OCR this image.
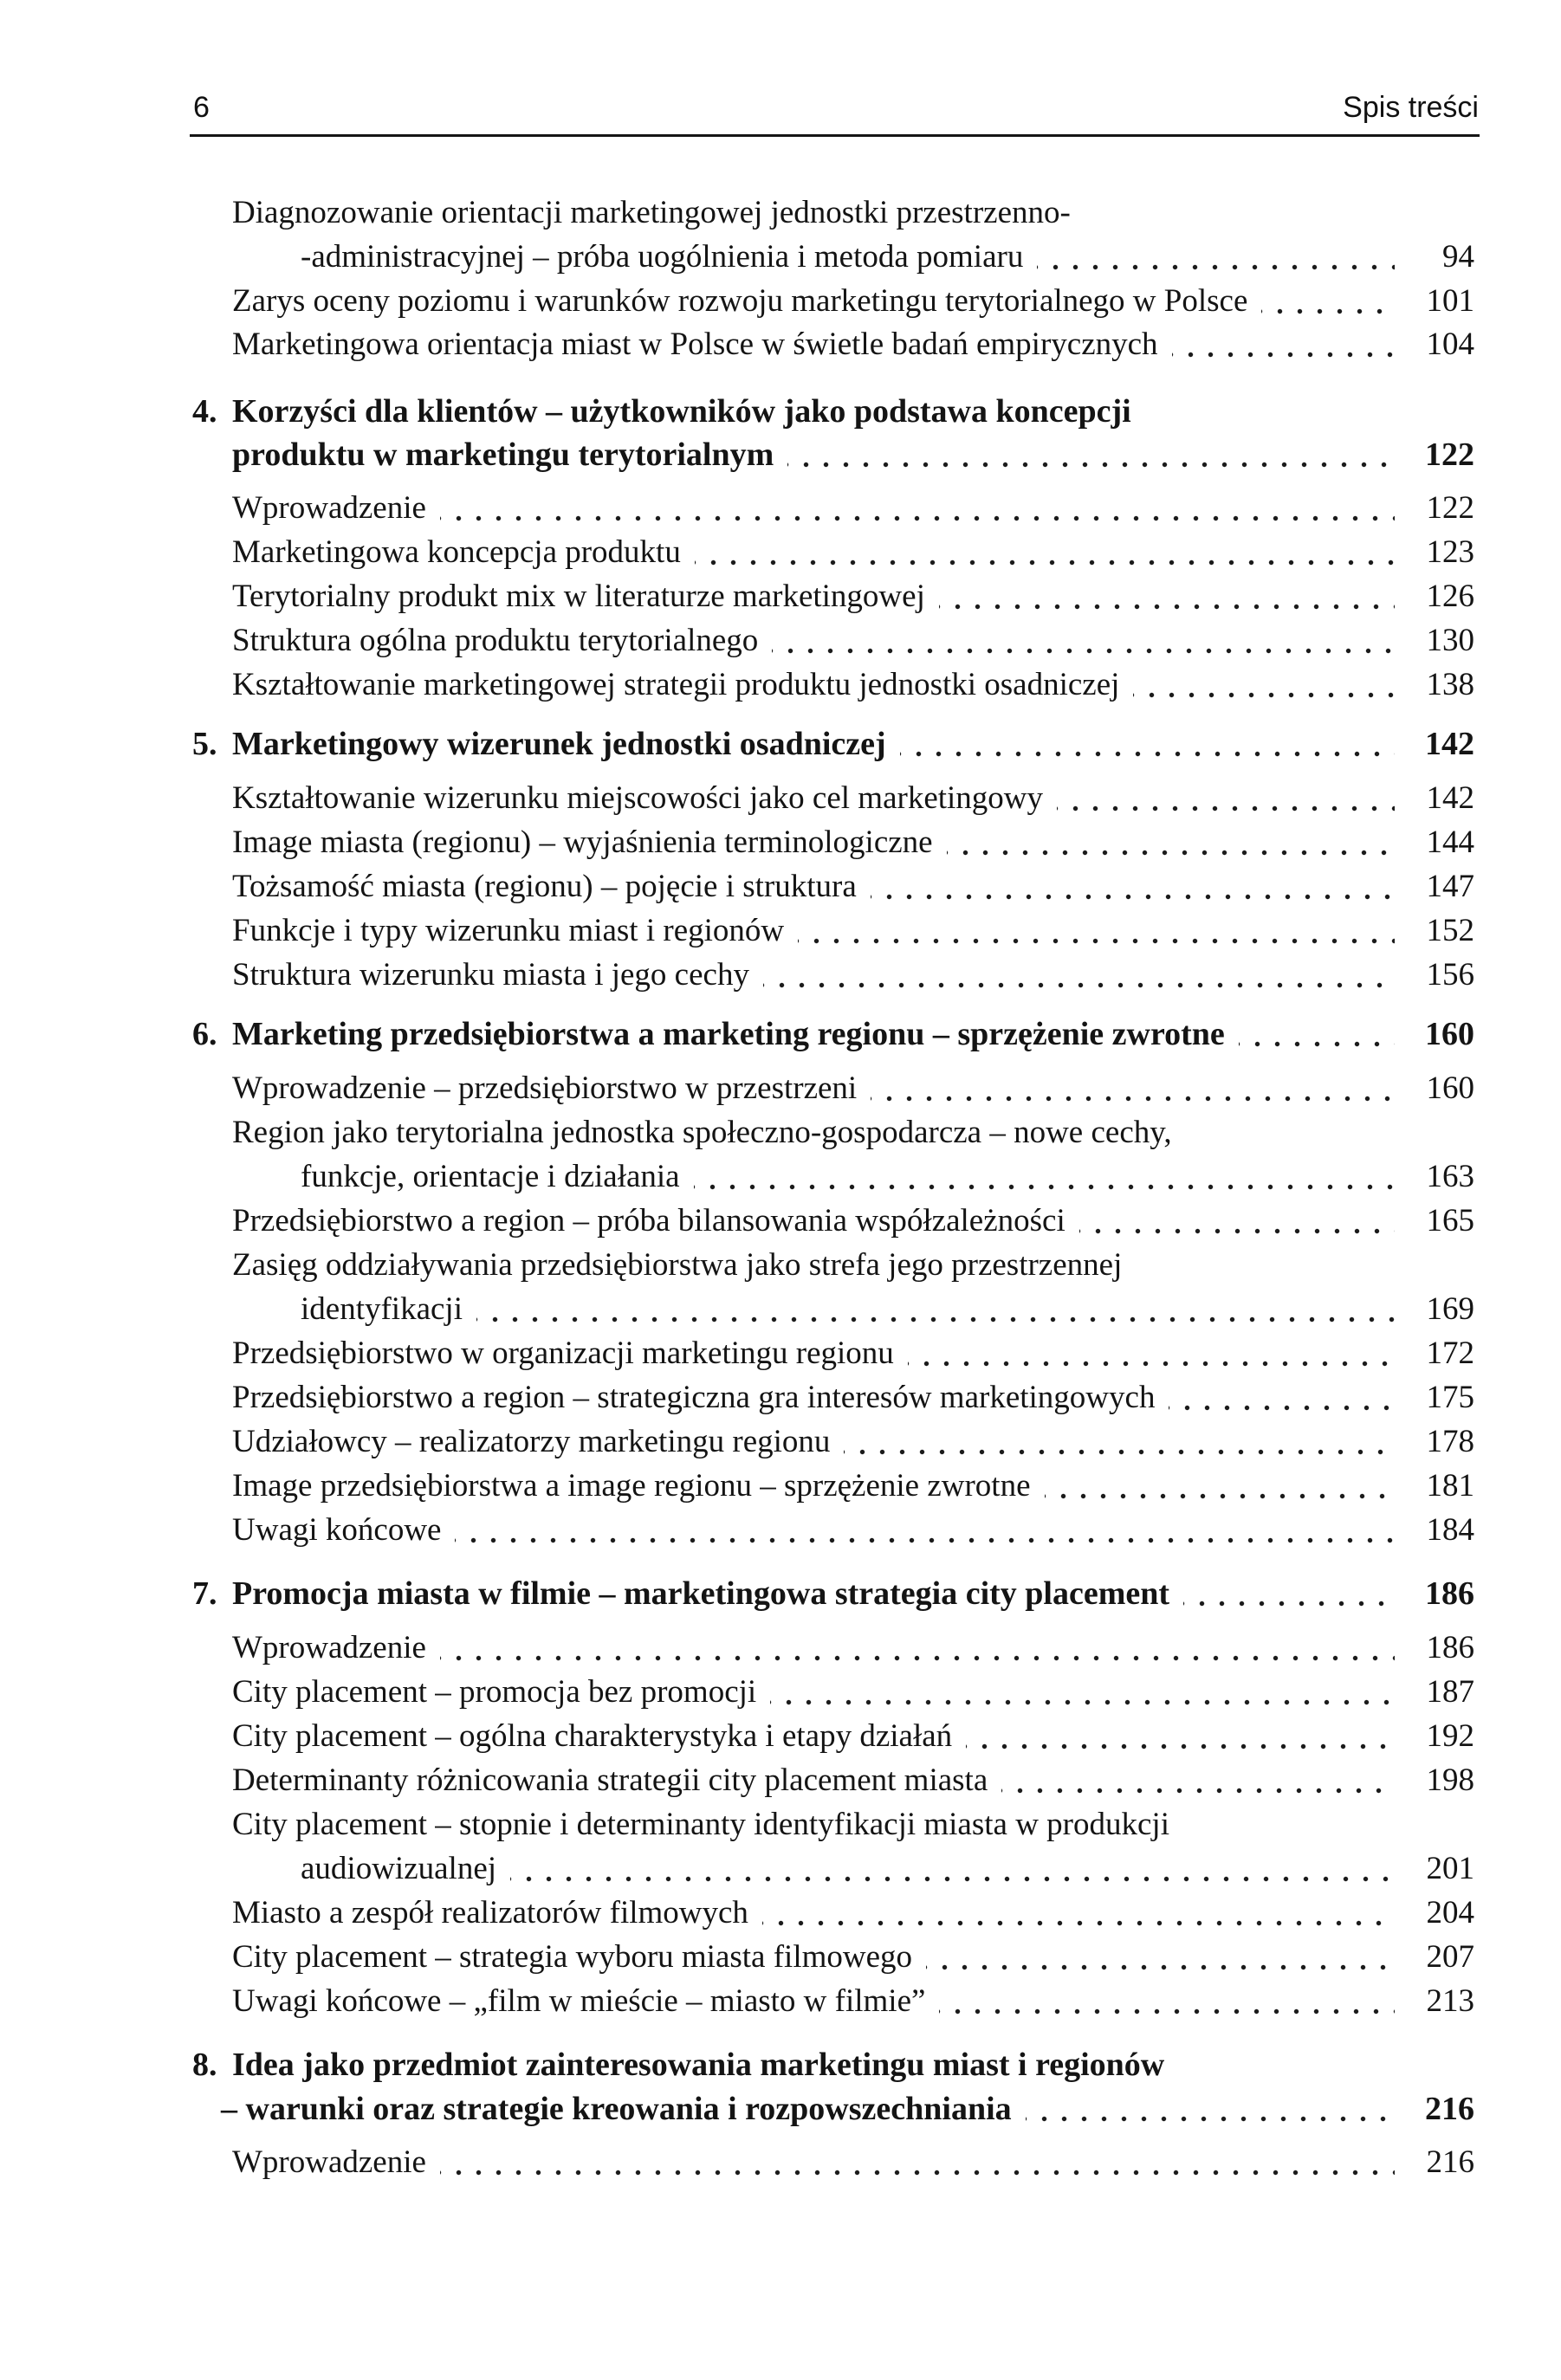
6	Spis treści
Diagnozowanie orientacji marketingowej jednostki przestrzenno-
-administracyjnej – próba uogólnienia i metoda pomiaru	94
Zarys oceny poziomu i warunków rozwoju marketingu terytorialnego w Polsce	101
Marketingowa orientacja miast w Polsce w świetle badań empirycznych	104
4. Korzyści dla klientów – użytkowników jako podstawa koncepcji
produktu w marketingu terytorialnym	122
Wprowadzenie	122
Marketingowa koncepcja produktu	123
Terytorialny produkt mix w literaturze marketingowej	126
Struktura ogólna produktu terytorialnego	130
Kształtowanie marketingowej strategii produktu jednostki osadniczej	138
5. Marketingowy wizerunek jednostki osadniczej	142
Kształtowanie wizerunku miejscowości jako cel marketingowy	142
Image miasta (regionu) – wyjaśnienia terminologiczne	144
Tożsamość miasta (regionu) – pojęcie i struktura	147
Funkcje i typy wizerunku miast i regionów	152
Struktura wizerunku miasta i jego cechy	156
6. Marketing przedsiębiorstwa a marketing regionu – sprzężenie zwrotne	160
Wprowadzenie – przedsiębiorstwo w przestrzeni	160
Region jako terytorialna jednostka społeczno-gospodarcza – nowe cechy,
funkcje, orientacje i działania	163
Przedsiębiorstwo a region – próba bilansowania współzależności	165
Zasięg oddziaływania przedsiębiorstwa jako strefa jego przestrzennej
identyfikacji	169
Przedsiębiorstwo w organizacji marketingu regionu	172
Przedsiębiorstwo a region – strategiczna gra interesów marketingowych	175
Udziałowcy – realizatorzy marketingu regionu	178
Image przedsiębiorstwa a image regionu – sprzężenie zwrotne	181
Uwagi końcowe	184
7. Promocja miasta w filmie – marketingowa strategia city placement	186
Wprowadzenie	186
City placement – promocja bez promocji	187
City placement – ogólna charakterystyka i etapy działań	192
Determinanty różnicowania strategii city placement miasta	198
City placement – stopnie i determinanty identyfikacji miasta w produkcji
audiowizualnej	201
Miasto a zespół realizatorów filmowych	204
City placement – strategia wyboru miasta filmowego	207
Uwagi końcowe – „film w mieście – miasto w filmie”	213
8. Idea jako przedmiot zainteresowania marketingu miast i regionów
– warunki oraz strategie kreowania i rozpowszechniania	216
Wprowadzenie	216
